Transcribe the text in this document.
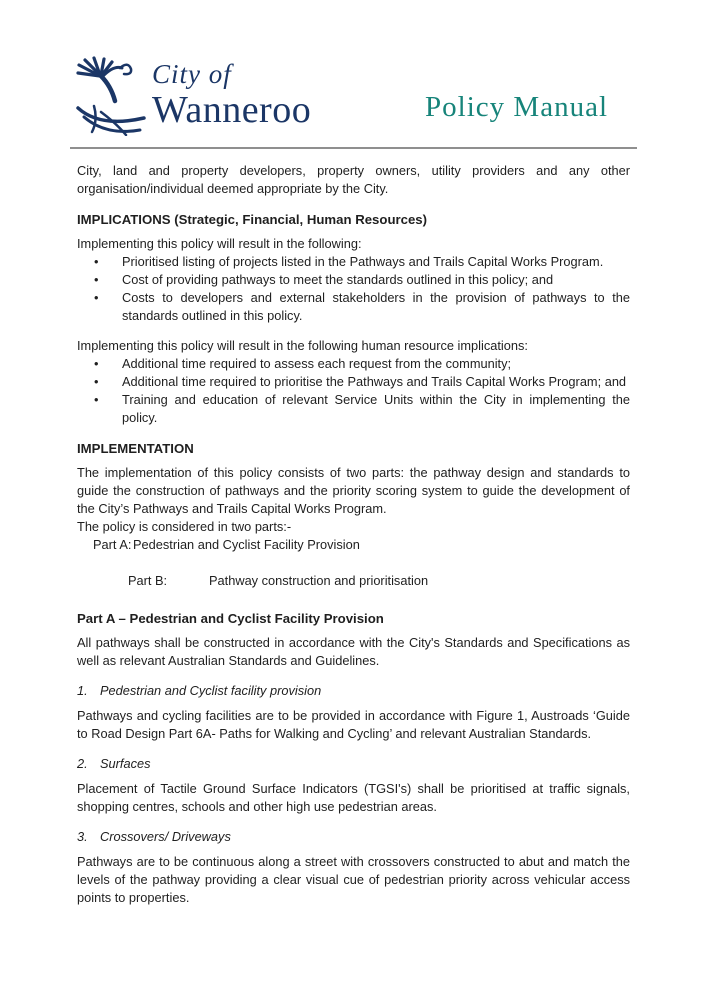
City of
Wanneroo	Policy Manual

City, land and property developers, property owners, utility providers and any other organisation/individual deemed appropriate by the City.

IMPLICATIONS (Strategic, Financial, Human Resources)

Implementing this policy will result in the following:

• Prioritised listing of projects listed in the Pathways and Trails Capital Works Program.
• Cost of providing pathways to meet the standards outlined in this policy; and
• Costs to developers and external stakeholders in the provision of pathways to the standards outlined in this policy.

Implementing this policy will result in the following human resource implications:

• Additional time required to assess each request from the community;
• Additional time required to prioritise the Pathways and Trails Capital Works Program; and
• Training and education of relevant Service Units within the City in implementing the policy.
IMPLEMENTATION

The implementation of this policy consists of two parts: the pathway design and standards to guide the construction of pathways and the priority scoring system to guide the development of the City’s Pathways and Trails Capital Works Program.

The policy is considered in two parts:-

Part A: Pedestrian and Cyclist Facility Provision
Part B:	Pathway construction and prioritisation
Part A – Pedestrian and Cyclist Facility Provision

All pathways shall be constructed in accordance with the City's Standards and Specifications as well as relevant Australian Standards and Guidelines.

1. Pedestrian and Cyclist facility provision

Pathways and cycling facilities are to be provided in accordance with Figure 1, Austroads ‘Guide to Road Design Part 6A- Paths for Walking and Cycling’ and relevant Australian Standards.

2. Surfaces

Placement of Tactile Ground Surface Indicators (TGSI's) shall be prioritised at traffic signals, shopping centres, schools and other high use pedestrian areas.

3. Crossovers/ Driveways

Pathways are to be continuous along a street with crossovers constructed to abut and match the levels of the pathway providing a clear visual cue of pedestrian priority across vehicular access points to properties.
